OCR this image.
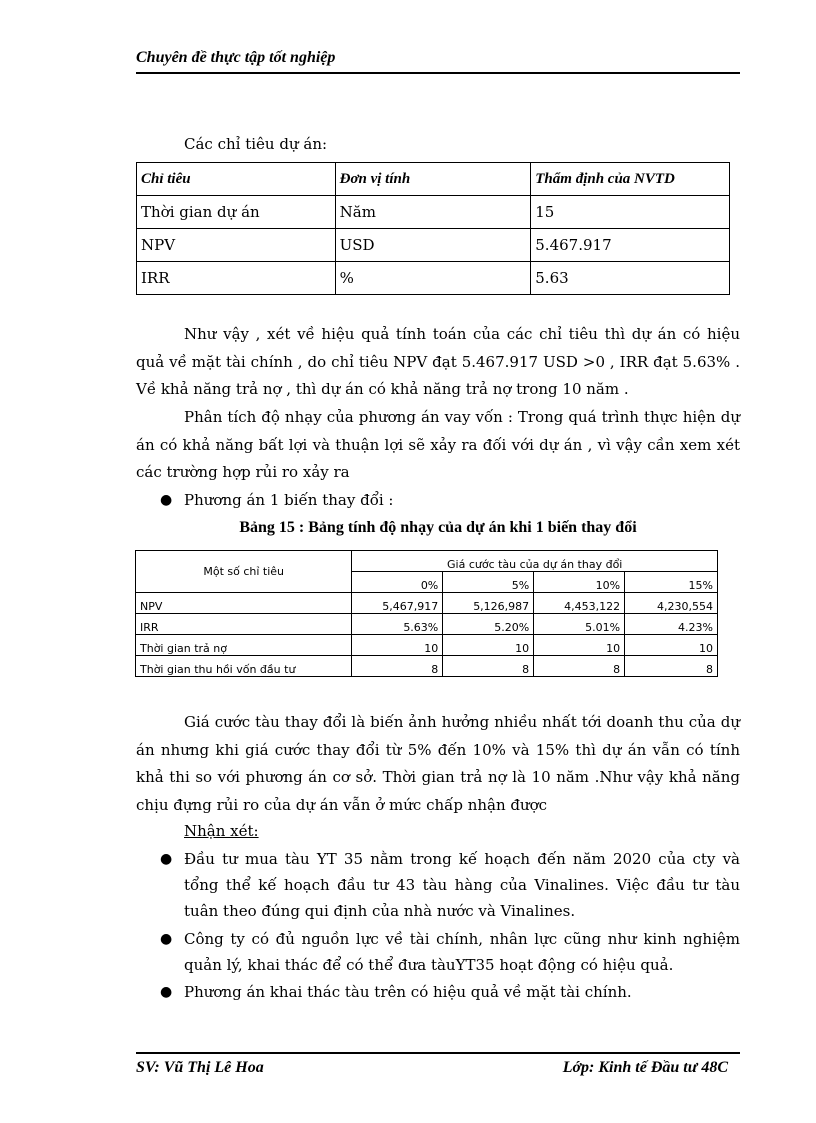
Chuyên đề thực tập tốt nghiệp
Các chỉ tiêu dự án:
Chỉ tiêu	Đơn vị tính	Thẩm định của NVTD
Thời gian dự án	Năm	15
NPV	USD	5.467.917
IRR	%	5.63
Như vậy , xét về hiệu quả tính toán của các chỉ tiêu thì dự án có hiệu quả về mặt tài chính , do chỉ tiêu NPV đạt 5.467.917 USD >0 , IRR đạt 5.63% . Về khả năng trả nợ , thì dự án có khả năng trả nợ trong 10 năm .
Phân tích độ nhạy của phương án vay vốn : Trong quá trình thực hiện dự án có khả năng bất lợi và thuận lợi sẽ xảy ra đối với dự án , vì vậy cần xem xét các trường hợp rủi ro xảy ra
● Phương án 1 biến thay đổi :
Bảng 15 : Bảng tính độ nhạy của dự án khi 1 biến thay đổi
Một số chỉ tiêu	Giá cước tàu của dự án thay đổi			
	0%	5%	10%	15%
NPV	5,467,917	5,126,987	4,453,122	4,230,554
IRR	5.63%	5.20%	5.01%	4.23%
Thời gian trả nợ	10	10	10	10
Thời gian thu hồi vốn đầu tư	8	8	8	8
Giá cước tàu thay đổi là biến ảnh hưởng nhiều nhất tới doanh thu của dự án nhưng khi giá cước thay đổi từ 5% đến 10% và 15% thì dự án vẫn có tính khả thi so với phương án cơ sở. Thời gian trả nợ là 10 năm .Như vậy khả năng chịu đựng rủi ro của dự án vẫn ở mức chấp nhận được
Nhận xét:
● Đầu tư mua tàu YT 35 nằm trong kế hoạch đến năm 2020 của cty và tổng thể kế hoạch đầu tư 43 tàu hàng của Vinalines. Việc đầu tư tàu tuân theo đúng qui định của nhà nước và Vinalines.
● Công ty có đủ nguồn lực về tài chính, nhân lực cũng như kinh nghiệm quản lý, khai thác để có thể đưa tàuYT35 hoạt động có hiệu quả.
● Phương án khai thác tàu trên có hiệu quả về mặt tài chính.
SV: Vũ Thị Lê Hoa	Lớp: Kinh tế Đầu tư 48C
